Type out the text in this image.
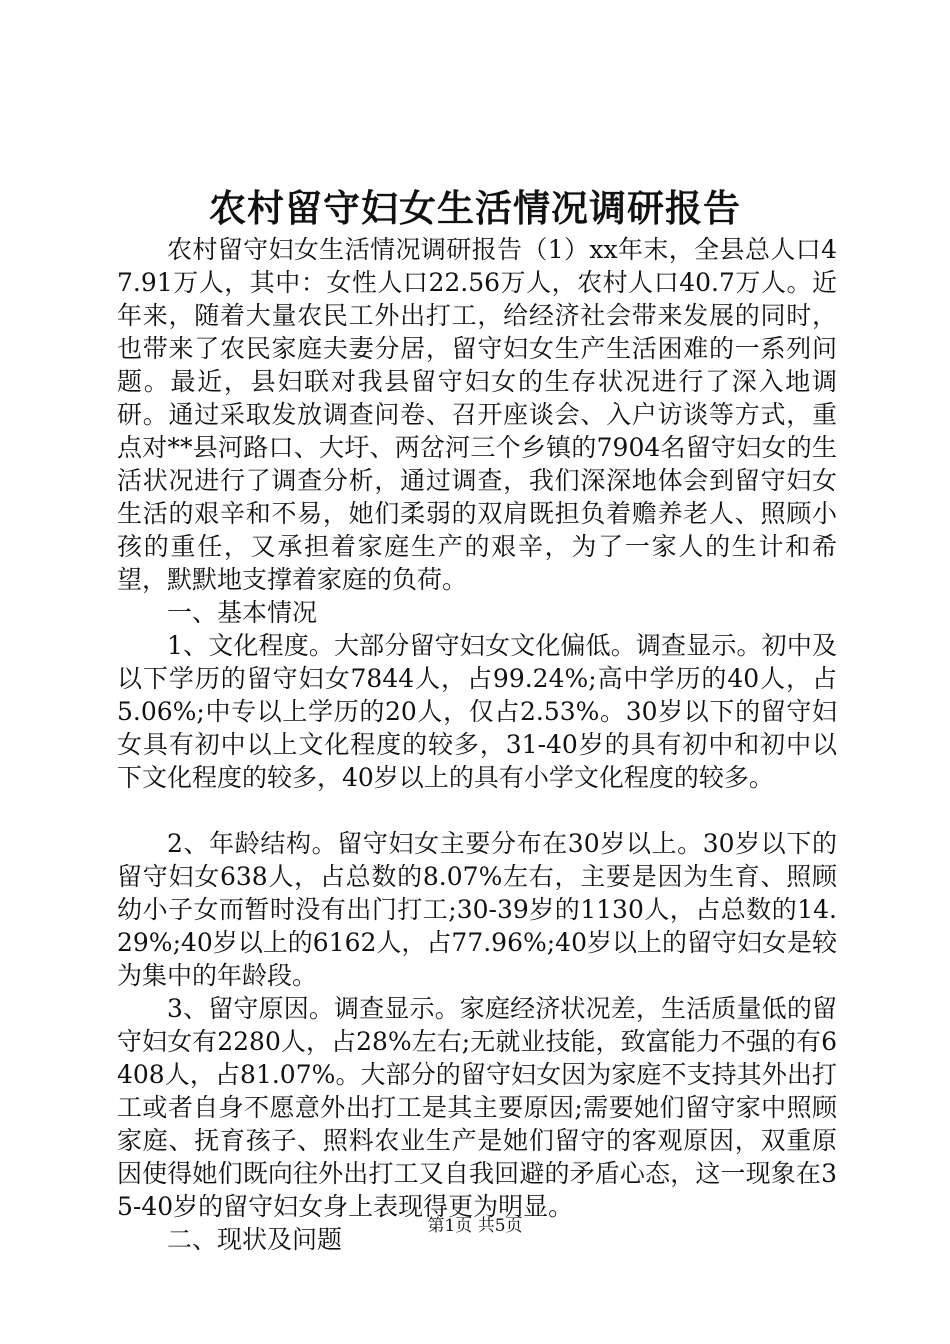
农村留守妇女生活情况调研报告

农村留守妇女生活情况调研报告（1）xx年末，全县总人口47.91万人，其中：女性人口22.56万人，农村人口40.7万人。近年来，随着大量农民工外出打工，给经济社会带来发展的同时，也带来了农民家庭夫妻分居，留守妇女生产生活困难的一系列问题。最近，县妇联对我县留守妇女的生存状况进行了深入地调研。通过采取发放调查问卷、召开座谈会、入户访谈等方式，重点对**县河路口、大圩、两岔河三个乡镇的7904名留守妇女的生活状况进行了调查分析，通过调查，我们深深地体会到留守妇女生活的艰辛和不易，她们柔弱的双肩既担负着赡养老人、照顾小孩的重任，又承担着家庭生产的艰辛，为了一家人的生计和希望，默默地支撑着家庭的负荷。

一、基本情况

1、文化程度。大部分留守妇女文化偏低。调查显示。初中及以下学历的留守妇女7844人，占99.24%;高中学历的40人，占5.06%;中专以上学历的20人，仅占2.53%。30岁以下的留守妇女具有初中以上文化程度的较多，31-40岁的具有初中和初中以下文化程度的较多，40岁以上的具有小学文化程度的较多。

2、年龄结构。留守妇女主要分布在30岁以上。30岁以下的留守妇女638人，占总数的8.07%左右，主要是因为生育、照顾幼小子女而暂时没有出门打工;30-39岁的1130人，占总数的14.29%;40岁以上的6162人，占77.96%;40岁以上的留守妇女是较为集中的年龄段。

3、留守原因。调查显示。家庭经济状况差，生活质量低的留守妇女有2280人，占28%左右;无就业技能，致富能力不强的有6408人，占81.07%。大部分的留守妇女因为家庭不支持其外出打工或者自身不愿意外出打工是其主要原因;需要她们留守家中照顾家庭、抚育孩子、照料农业生产是她们留守的客观原因，双重原因使得她们既向往外出打工又自我回避的矛盾心态，这一现象在35-40岁的留守妇女身上表现得更为明显。

二、现状及问题	第1页 共5页
